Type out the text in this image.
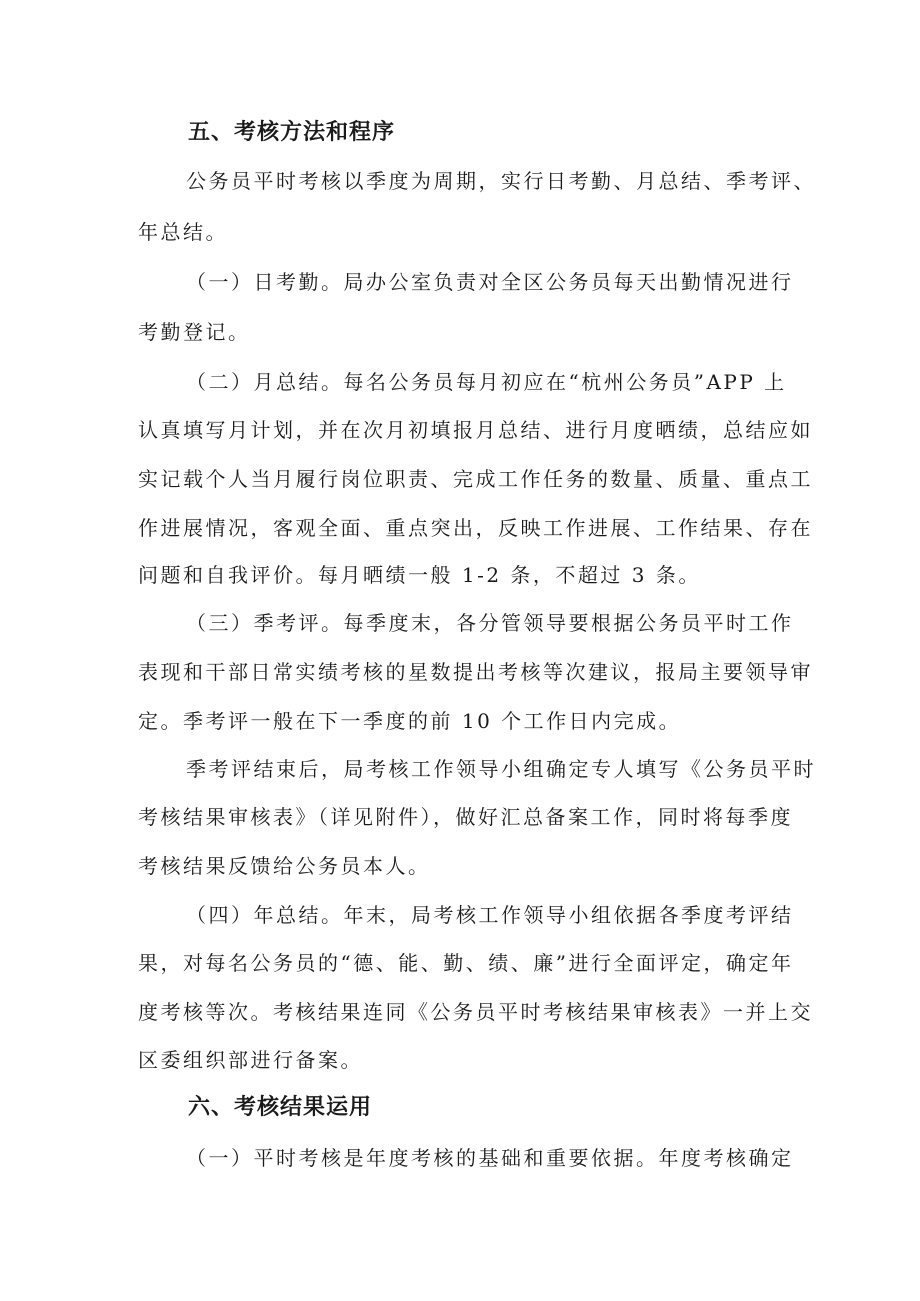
五、考核方法和程序
公务员平时考核以季度为周期，实行日考勤、月总结、季考评、
年总结。
（一）日考勤。局办公室负责对全区公务员每天出勤情况进行
考勤登记。
（二）月总结。每名公务员每月初应在“杭州公务员”APP 上
认真填写月计划，并在次月初填报月总结、进行月度晒绩，总结应如
实记载个人当月履行岗位职责、完成工作任务的数量、质量、重点工
作进展情况，客观全面、重点突出，反映工作进展、工作结果、存在
问题和自我评价。每月晒绩一般 1-2 条，不超过 3 条。
（三）季考评。每季度末，各分管领导要根据公务员平时工作
表现和干部日常实绩考核的星数提出考核等次建议，报局主要领导审
定。季考评一般在下一季度的前 10 个工作日内完成。
季考评结束后，局考核工作领导小组确定专人填写《公务员平时
考核结果审核表》（详见附件），做好汇总备案工作，同时将每季度
考核结果反馈给公务员本人。
（四）年总结。年末，局考核工作领导小组依据各季度考评结
果，对每名公务员的“德、能、勤、绩、廉”进行全面评定，确定年
度考核等次。考核结果连同《公务员平时考核结果审核表》一并上交
区委组织部进行备案。
六、考核结果运用
（一）平时考核是年度考核的基础和重要依据。年度考核确定
